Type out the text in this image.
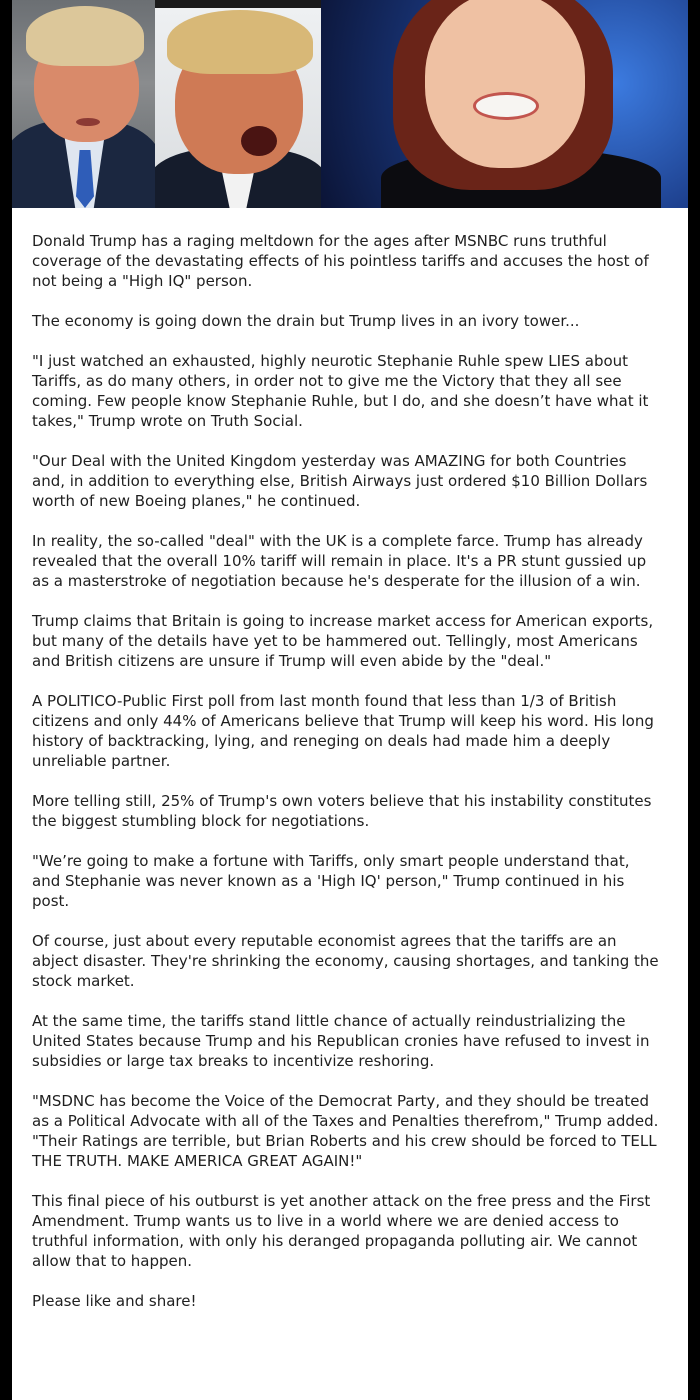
Donald Trump has a raging meltdown for the ages after MSNBC runs truthful coverage of the devastating effects of his pointless tariffs and accuses the host of not being a "High IQ" person.

The economy is going down the drain but Trump lives in an ivory tower...

"I just watched an exhausted, highly neurotic Stephanie Ruhle spew LIES about Tariffs, as do many others, in order not to give me the Victory that they all see coming. Few people know Stephanie Ruhle, but I do, and she doesn’t have what it takes," Trump wrote on Truth Social.

"Our Deal with the United Kingdom yesterday was AMAZING for both Countries and, in addition to everything else, British Airways just ordered $10 Billion Dollars worth of new Boeing planes," he continued.

In reality, the so-called "deal" with the UK is a complete farce. Trump has already revealed that the overall 10% tariff will remain in place. It's a PR stunt gussied up as a masterstroke of negotiation because he's desperate for the illusion of a win.

Trump claims that Britain is going to increase market access for American exports, but many of the details have yet to be hammered out. Tellingly, most Americans and British citizens are unsure if Trump will even abide by the "deal."

A POLITICO-Public First poll from last month found that less than 1/3 of British citizens and only 44% of Americans believe that Trump will keep his word. His long history of backtracking, lying, and reneging on deals had made him a deeply unreliable partner.

More telling still, 25% of Trump's own voters believe that his instability constitutes the biggest stumbling block for negotiations.

"We’re going to make a fortune with Tariffs, only smart people understand that, and Stephanie was never known as a 'High IQ' person," Trump continued in his post.

Of course, just about every reputable economist agrees that the tariffs are an abject disaster. They're shrinking the economy, causing shortages, and tanking the stock market.

At the same time, the tariffs stand little chance of actually reindustrializing the United States because Trump and his Republican cronies have refused to invest in subsidies or large tax breaks to incentivize reshoring.

"MSDNC has become the Voice of the Democrat Party, and they should be treated as a Political Advocate with all of the Taxes and Penalties therefrom," Trump added. "Their Ratings are terrible, but Brian Roberts and his crew should be forced to TELL THE TRUTH. MAKE AMERICA GREAT AGAIN!"

This final piece of his outburst is yet another attack on the free press and the First Amendment. Trump wants us to live in a world where we are denied access to truthful information, with only his deranged propaganda polluting air. We cannot allow that to happen.

Please like and share!
